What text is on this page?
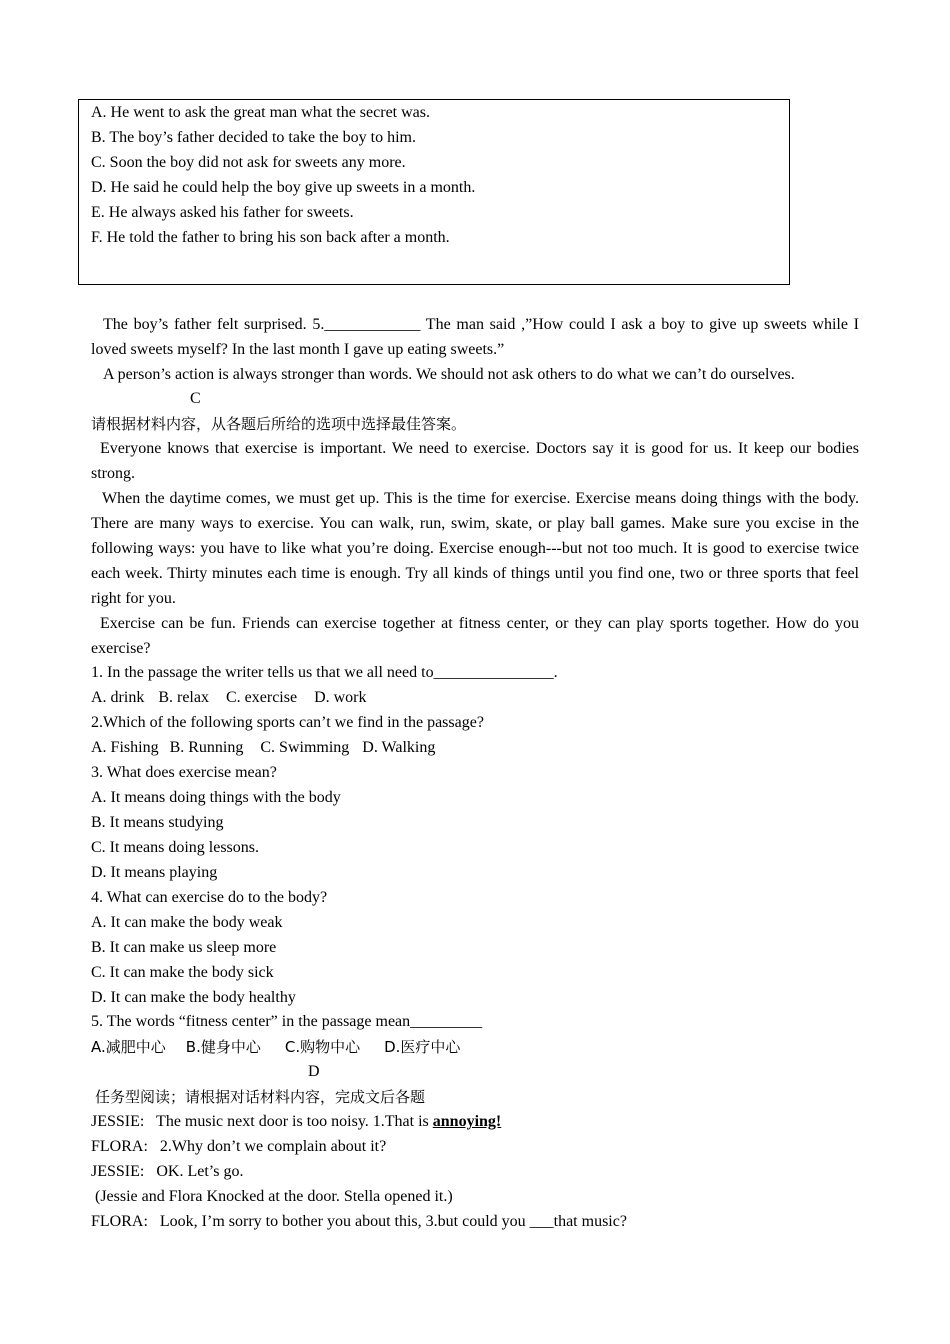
A. He went to ask the great man what the secret was.
B. The boy’s father decided to take the boy to him.
C. Soon the boy did not ask for sweets any more.
D. He said he could help the boy give up sweets in a month.
E. He always asked his father for sweets.
F. He told the father to bring his son back after a month.
The boy’s father felt surprised. 5.____________ The man said ,”How could I ask a boy to give up sweets while I loved sweets myself? In the last month I gave up eating sweets.”
A person’s action is always stronger than words. We should not ask others to do what we can’t do ourselves.
C
请根据材料内容，从各题后所给的选项中选择最佳答案。
Everyone knows that exercise is important. We need to exercise. Doctors say it is good for us. It keep our bodies strong.
When the daytime comes, we must get up. This is the time for exercise. Exercise means doing things with the body. There are many ways to exercise. You can walk, run, swim, skate, or play ball games. Make sure you excise in the following ways: you have to like what you’re doing. Exercise enough---but not too much. It is good to exercise twice each week. Thirty minutes each time is enough. Try all kinds of things until you find one, two or three sports that feel right for you.
Exercise can be fun. Friends can exercise together at fitness center, or they can play sports together. How do you exercise?
1. In the passage the writer tells us that we all need to_______________.
A. drink B. relax C. exercise D. work
2.Which of the following sports can’t we find in the passage?
A. Fishing B. Running C. Swimming D. Walking
3. What does exercise mean?
A. It means doing things with the body
B. It means studying
C. It means doing lessons.
D. It means playing
4. What can exercise do to the body?
A. It can make the body weak
B. It can make us sleep more
C. It can make the body sick
D. It can make the body healthy
5. The words “fitness center” in the passage mean_________
A.减肥中心 B.健身中心 C.购物中心 D.医疗中心
D
任务型阅读；请根据对话材料内容，完成文后各题
JESSIE:   The music next door is too noisy. 1.That is annoying!
FLORA:   2.Why don’t we complain about it?
JESSIE:   OK. Let’s go.
(Jessie and Flora Knocked at the door. Stella opened it.)
FLORA:   Look, I’m sorry to bother you about this, 3.but could you ___that music?
